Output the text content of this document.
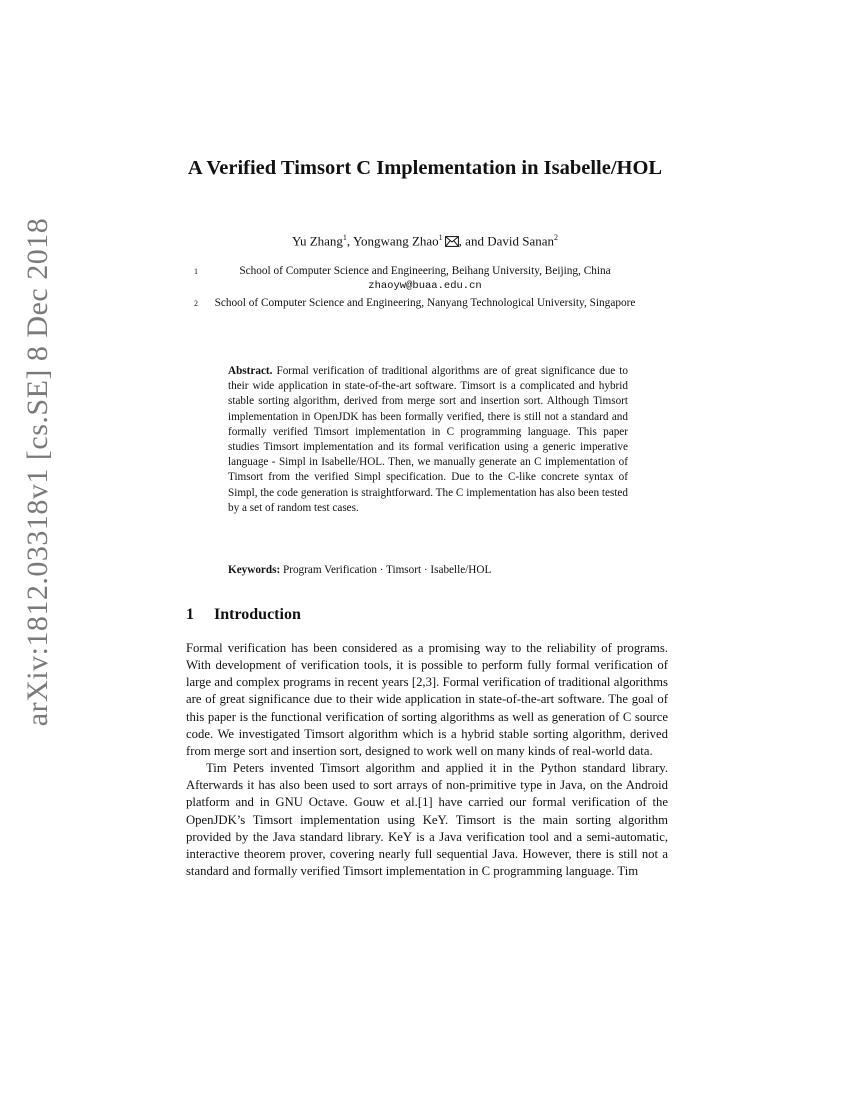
arXiv:1812.03318v1 [cs.SE] 8 Dec 2018
A Verified Timsort C Implementation in Isabelle/HOL
Yu Zhang$^1$, Yongwang Zhao$^1$ , and David Sanan$^2$
1	School of Computer Science and Engineering, Beihang University, Beijing, China
zhaoyw@buaa.edu.cn
2	School of Computer Science and Engineering, Nanyang Technological University, Singapore
Abstract. Formal verification of traditional algorithms are of great significance due to their wide application in state-of-the-art software. Timsort is a complicated and hybrid stable sorting algorithm, derived from merge sort and insertion sort. Although Timsort implementation in OpenJDK has been formally verified, there is still not a standard and formally verified Timsort implementation in C programming language. This paper studies Timsort implementation and its formal verification using a generic imperative language - Simpl in Isabelle/HOL. Then, we manually generate an C implementation of Timsort from the verified Simpl specification. Due to the C-like concrete syntax of Simpl, the code generation is straightforward. The C implementation has also been tested by a set of random test cases.
Keywords: Program Verification · Timsort · Isabelle/HOL
1 Introduction

Formal verification has been considered as a promising way to the reliability of programs. With development of verification tools, it is possible to perform fully formal verification of large and complex programs in recent years [2,3]. Formal verification of traditional algorithms are of great significance due to their wide application in state-of-the-art software. The goal of this paper is the functional verification of sorting algorithms as well as generation of C source code. We investigated Timsort algorithm which is a hybrid stable sorting algorithm, derived from merge sort and insertion sort, designed to work well on many kinds of real-world data.

Tim Peters invented Timsort algorithm and applied it in the Python standard library. Afterwards it has also been used to sort arrays of non-primitive type in Java, on the Android platform and in GNU Octave. Gouw et al.[1] have carried our formal verification of the OpenJDK’s Timsort implementation using KeY. Timsort is the main sorting algorithm provided by the Java standard library. KeY is a Java verification tool and a semi-automatic, interactive theorem prover, covering nearly full sequential Java. However, there is still not a standard and formally verified Timsort implementation in C programming language. Tim
